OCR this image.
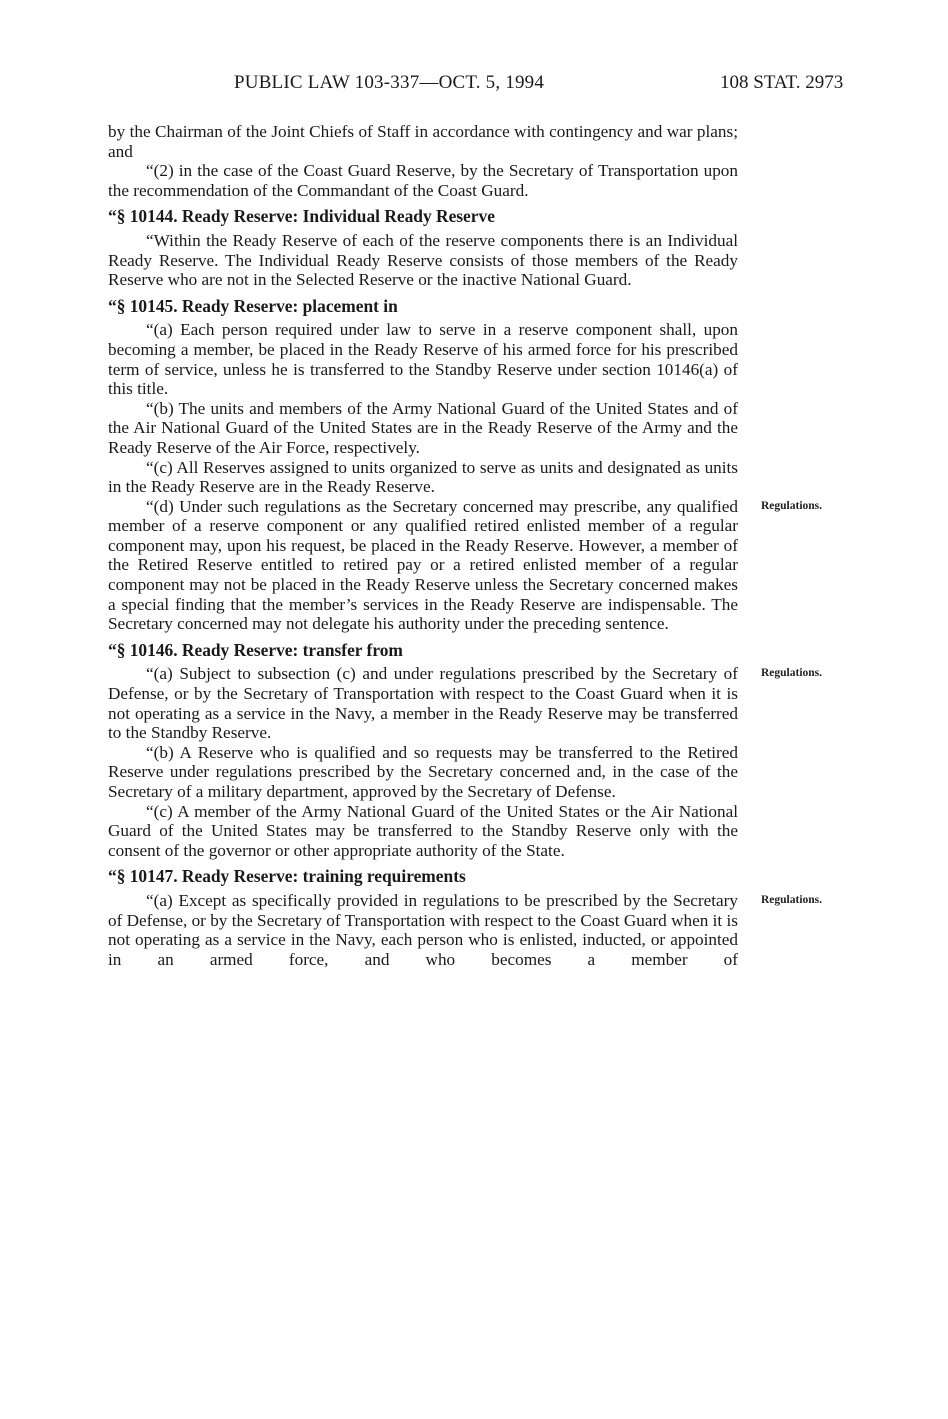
PUBLIC LAW 103-337—OCT. 5, 1994	108 STAT. 2973

by the Chairman of the Joint Chiefs of Staff in accordance with contingency and war plans; and

“(2) in the case of the Coast Guard Reserve, by the Secretary of Transportation upon the recommendation of the Commandant of the Coast Guard.

“§ 10144. Ready Reserve: Individual Ready Reserve

“Within the Ready Reserve of each of the reserve components there is an Individual Ready Reserve. The Individual Ready Reserve consists of those members of the Ready Reserve who are not in the Selected Reserve or the inactive National Guard.

“§ 10145. Ready Reserve: placement in

“(a) Each person required under law to serve in a reserve component shall, upon becoming a member, be placed in the Ready Reserve of his armed force for his prescribed term of service, unless he is transferred to the Standby Reserve under section 10146(a) of this title.

“(b) The units and members of the Army National Guard of the United States and of the Air National Guard of the United States are in the Ready Reserve of the Army and the Ready Reserve of the Air Force, respectively.

“(c) All Reserves assigned to units organized to serve as units and designated as units in the Ready Reserve are in the Ready Reserve.

“(d) Under such regulations as the Secretary concerned may prescribe, any qualified member of a reserve component or any qualified retired enlisted member of a regular component may, upon his request, be placed in the Ready Reserve. However, a member of the Retired Reserve entitled to retired pay or a retired enlisted member of a regular component may not be placed in the Ready Reserve unless the Secretary concerned makes a special finding that the member’s services in the Ready Reserve are indispensable. The Secretary concerned may not delegate his authority under the preceding sentence.

“§ 10146. Ready Reserve: transfer from

“(a) Subject to subsection (c) and under regulations prescribed by the Secretary of Defense, or by the Secretary of Transportation with respect to the Coast Guard when it is not operating as a service in the Navy, a member in the Ready Reserve may be transferred to the Standby Reserve.

“(b) A Reserve who is qualified and so requests may be transferred to the Retired Reserve under regulations prescribed by the Secretary concerned and, in the case of the Secretary of a military department, approved by the Secretary of Defense.

“(c) A member of the Army National Guard of the United States or the Air National Guard of the United States may be transferred to the Standby Reserve only with the consent of the governor or other appropriate authority of the State.

“§ 10147. Ready Reserve: training requirements

“(a) Except as specifically provided in regulations to be prescribed by the Secretary of Defense, or by the Secretary of Transportation with respect to the Coast Guard when it is not operating as a service in the Navy, each person who is enlisted, inducted, or appointed in an armed force, and who becomes a member of

Regulations.
Regulations.
Regulations.
